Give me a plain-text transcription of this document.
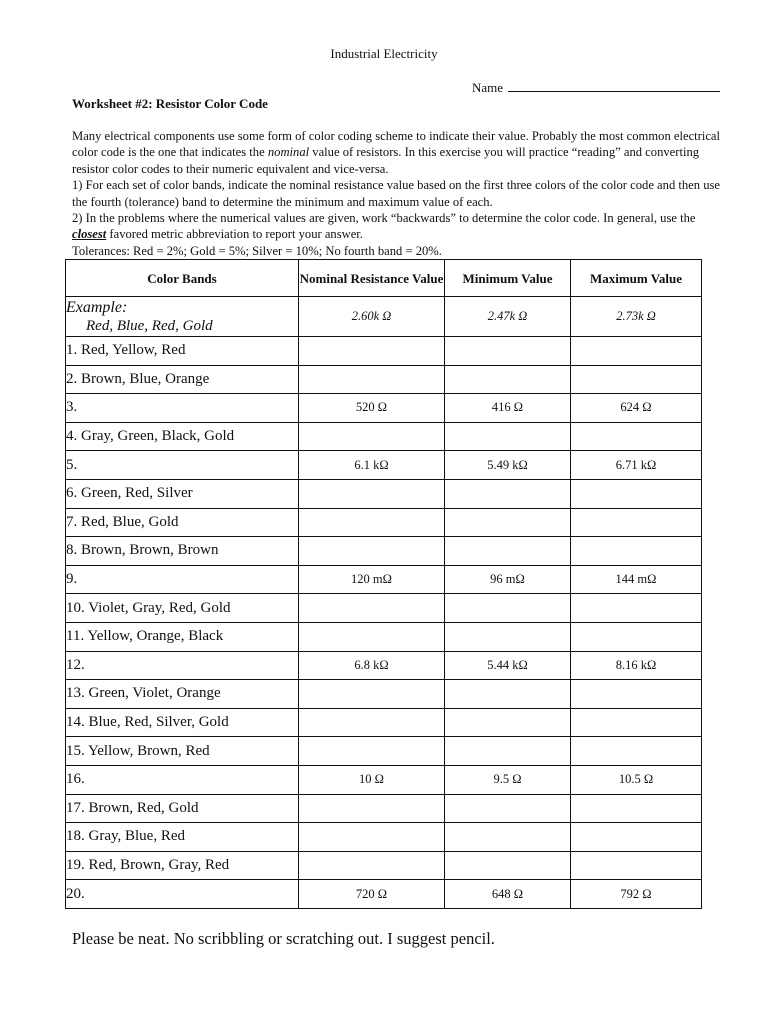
Industrial Electricity
Name
Worksheet #2: Resistor Color Code

Many electrical components use some form of color coding scheme to indicate their value. Probably the most common electrical color code is the one that indicates the nominal value of resistors. In this exercise you will practice “reading” and converting resistor color codes to their numeric equivalent and vice-versa.

1) For each set of color bands, indicate the nominal resistance value based on the first three colors of the color code and then use the fourth (tolerance) band to determine the minimum and maximum value of each.

2) In the problems where the numerical values are given, work “backwards” to determine the color code. In general, use the closest favored metric abbreviation to report your answer.

Tolerances: Red = 2%; Gold = 5%; Silver = 10%; No fourth band = 20%.

Color Bands	Nominal Resistance Value	Minimum Value	Maximum Value

Example:
Red, Blue, Red, Gold	2.60k Ω	2.47k Ω	2.73k Ω
1. Red, Yellow, Red			
2. Brown, Blue, Orange			
3.	520 Ω	416 Ω	624 Ω
4. Gray, Green, Black, Gold			
5.	6.1 kΩ	5.49 kΩ	6.71 kΩ
6. Green, Red, Silver			
7. Red, Blue, Gold			
8. Brown, Brown, Brown			
9.	120 mΩ	96 mΩ	144 mΩ
10. Violet, Gray, Red, Gold			
11. Yellow, Orange, Black			
12.	6.8 kΩ	5.44 kΩ	8.16 kΩ
13. Green, Violet, Orange			
14. Blue, Red, Silver, Gold			
15. Yellow, Brown, Red			
16.	10 Ω	9.5 Ω	10.5 Ω
17. Brown, Red, Gold			
18. Gray, Blue, Red			
19. Red, Brown, Gray, Red			
20.	720 Ω	648 Ω	792 Ω
Please be neat. No scribbling or scratching out. I suggest pencil.
